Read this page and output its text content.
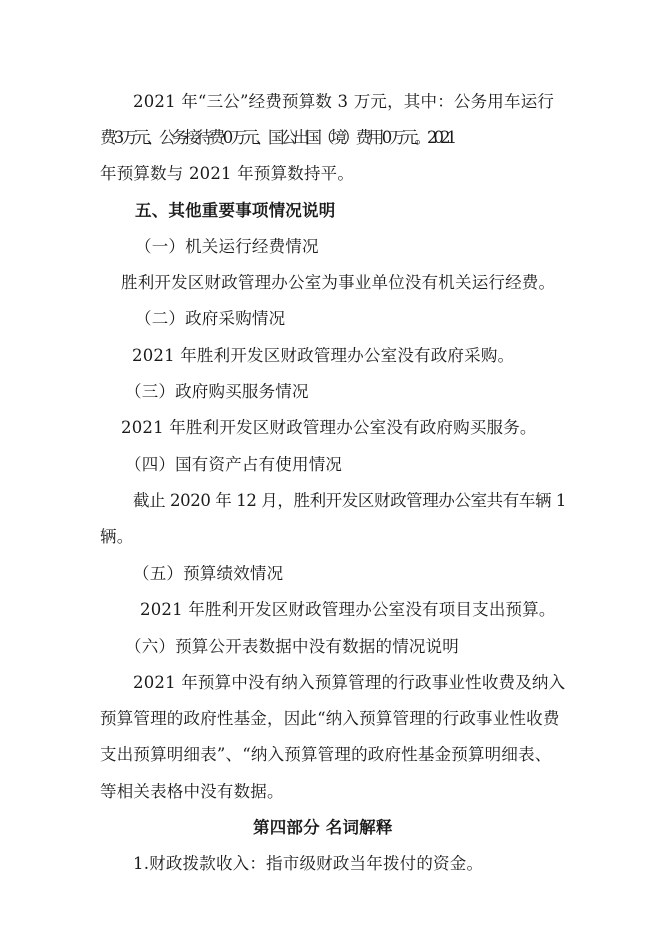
2021 年“三公”经费预算数 3 万元，其中：公务用车运行
费 3 万元、公务接待费 0 万元、国公出国（境）费用 0 万元。2021
年预算数与 2021 年预算数持平。
五、其他重要事项情况说明
（一）机关运行经费情况
胜利开发区财政管理办公室为事业单位没有机关运行经费。
（二）政府采购情况
2021 年胜利开发区财政管理办公室没有政府采购。
（三）政府购买服务情况
2021 年胜利开发区财政管理办公室没有政府购买服务。
（四）国有资产占有使用情况
截止 2020 年 12 月，胜利开发区财政管理办公室共有车辆 1
辆。
（五）预算绩效情况
2021 年胜利开发区财政管理办公室没有项目支出预算。
（六）预算公开表数据中没有数据的情况说明
2021 年预算中没有纳入预算管理的行政事业性收费及纳入
预算管理的政府性基金，因此“纳入预算管理的行政事业性收费
支出预算明细表”、“纳入预算管理的政府性基金预算明细表、
等相关表格中没有数据。
第四部分 名词解释
1.财政拨款收入：指市级财政当年拨付的资金。
